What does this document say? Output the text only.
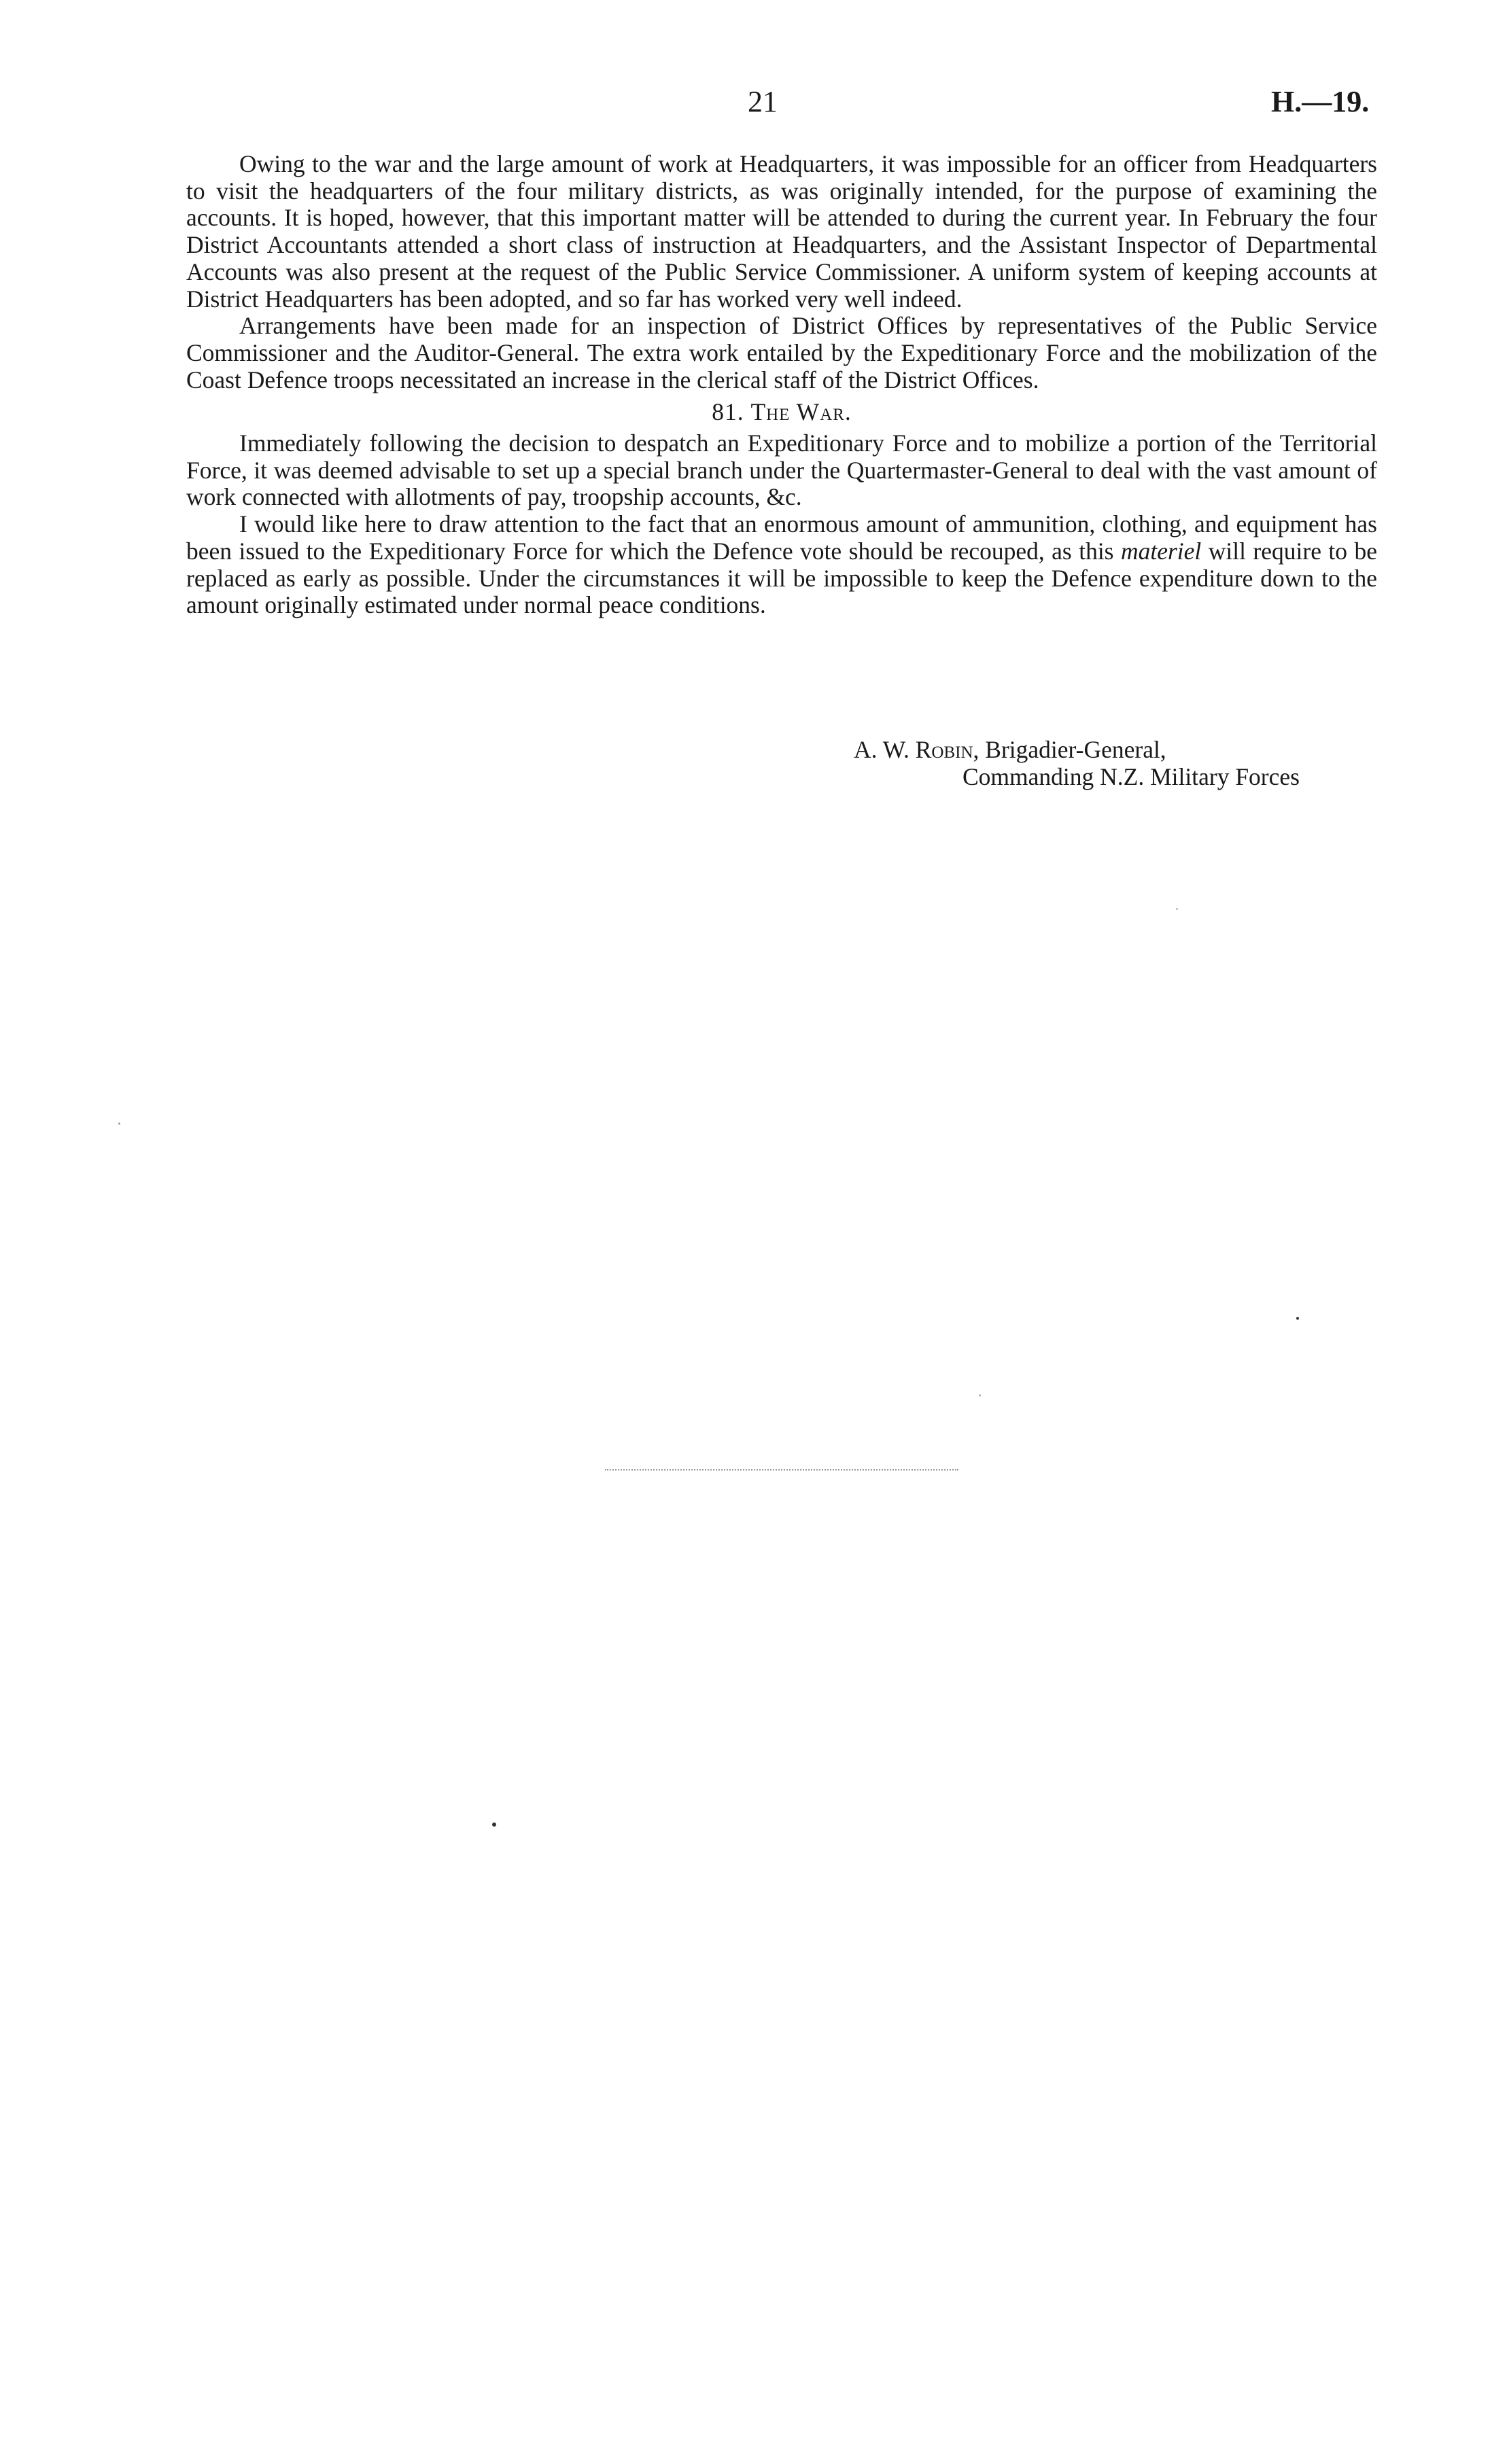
21	H.—19.

Owing to the war and the large amount of work at Headquarters, it was impossible for an officer from Headquarters to visit the headquarters of the four military districts, as was originally intended, for the purpose of examining the accounts. It is hoped, however, that this important matter will be attended to during the current year. In February the four District Accountants attended a short class of instruction at Headquarters, and the Assistant Inspector of Departmental Accounts was also present at the request of the Public Service Commissioner. A uniform system of keeping accounts at District Headquarters has been adopted, and so far has worked very well indeed.

Arrangements have been made for an inspection of District Offices by representatives of the Public Service Commissioner and the Auditor-General. The extra work entailed by the Expeditionary Force and the mobilization of the Coast Defence troops necessitated an increase in the clerical staff of the District Offices.

81. The War.

Immediately following the decision to despatch an Expeditionary Force and to mobilize a portion of the Territorial Force, it was deemed advisable to set up a special branch under the Quartermaster-General to deal with the vast amount of work connected with allotments of pay, troopship accounts, &c.

I would like here to draw attention to the fact that an enormous amount of ammunition, clothing, and equipment has been issued to the Expeditionary Force for which the Defence vote should be recouped, as this materiel will require to be replaced as early as possible. Under the circumstances it will be impossible to keep the Defence expenditure down to the amount originally estimated under normal peace conditions.

A. W. Robin, Brigadier-General,
Commanding N.Z. Military Forces
